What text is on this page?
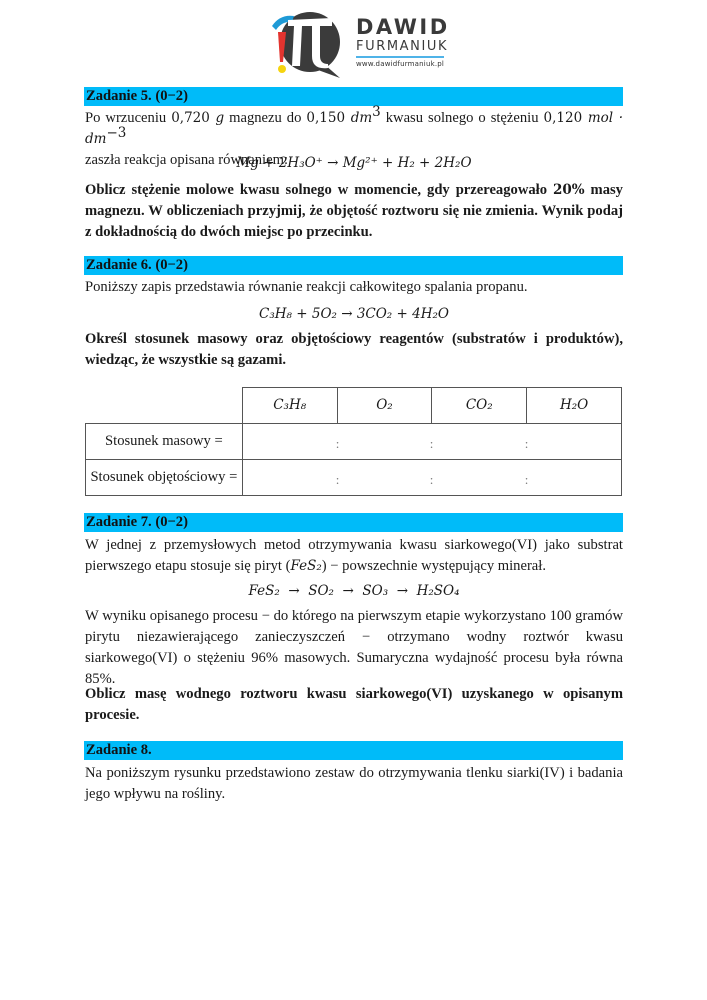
DAWID
FURMANIUK
www.dawidfurmaniuk.pl
Zadanie 5. (0−2)
Po wrzuceniu 0,720 g magnezu do 0,150 $dm^3$ kwasu solnego o stężeniu 0,120 mol · $dm^{-3}$
zaszła reakcja opisana równaniem:
Mg + 2H₃O⁺ → Mg²⁺ + H₂ + 2H₂O
Oblicz stężenie molowe kwasu solnego w momencie, gdy przereagowało 20% masy magnezu. W obliczeniach przyjmij, że objętość roztworu się nie zmienia. Wynik podaj z dokładnością do dwóch miejsc po przecinku.
Zadanie 6. (0−2)
Poniższy zapis przedstawia równanie reakcji całkowitego spalania propanu.
C₃H₈ + 5O₂ → 3CO₂ + 4H₂O
Określ stosunek masowy oraz objętościowy reagentów (substratów i produktów), wiedząc, że wszystkie są gazami.
	C₃H₈	O₂	CO₂	H₂O
Stosunek masowy =	: : :			

Stosunek objętościowy =	: : :			
Zadanie 7. (0−2)
W jednej z przemysłowych metod otrzymywania kwasu siarkowego(VI) jako substrat pierwszego etapu stosuje się piryt (FeS₂) − powszechnie występujący minerał.
FeS₂  →  SO₂  →  SO₃  →  H₂SO₄
W wyniku opisanego procesu − do którego na pierwszym etapie wykorzystano 100 gramów pirytu niezawierającego zanieczyszczeń − otrzymano wodny roztwór kwasu siarkowego(VI) o stężeniu 96% masowych. Sumaryczna wydajność procesu była równa 85%.
Oblicz masę wodnego roztworu kwasu siarkowego(VI) uzyskanego w opisanym procesie.
Zadanie 8.
Na poniższym rysunku przedstawiono zestaw do otrzymywania tlenku siarki(IV) i badania jego wpływu na rośliny.
